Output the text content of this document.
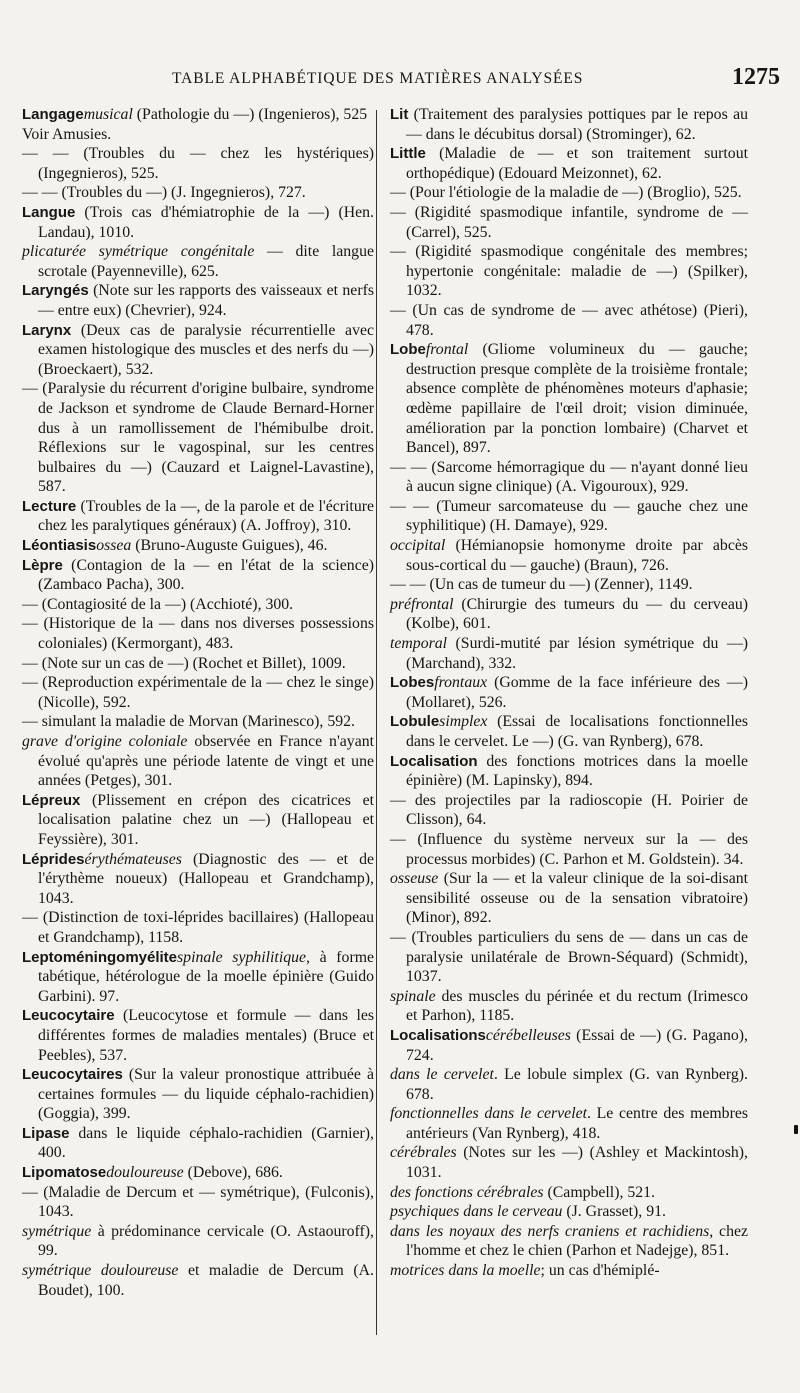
TABLE ALPHABÉTIQUE DES MATIÈRES ANALYSÉES	1275

Langagemusical (Pathologie du —) (Ingenieros), 525

Voir Amusies.

— — (Troubles du — chez les hystériques) (Ingegnieros), 525.

— — (Troubles du —) (J. Ingegnieros), 727.

Langue (Trois cas d'hémiatrophie de la —) (Hen. Landau), 1010.

plicaturée symétrique congénitale — dite langue scrotale (Payenneville), 625.

Laryngés (Note sur les rapports des vaisseaux et nerfs — entre eux) (Chevrier), 924.

Larynx (Deux cas de paralysie récurrentielle avec examen histologique des muscles et des nerfs du —) (Broeckaert), 532.

— (Paralysie du récurrent d'origine bulbaire, syndrome de Jackson et syndrome de Claude Bernard-Horner dus à un ramollissement de l'hémibulbe droit. Réflexions sur le vagospinal, sur les centres bulbaires du —) (Cauzard et Laignel-Lavastine), 587.

Lecture (Troubles de la —, de la parole et de l'écriture chez les paralytiques généraux) (A. Joffroy), 310.

Léontiasisossea (Bruno-Auguste Guigues), 46.

Lèpre (Contagion de la — en l'état de la science) (Zambaco Pacha), 300.

— (Contagiosité de la —) (Acchioté), 300.

— (Historique de la — dans nos diverses possessions coloniales) (Kermorgant), 483.

— (Note sur un cas de —) (Rochet et Billet), 1009.

— (Reproduction expérimentale de la — chez le singe) (Nicolle), 592.

— simulant la maladie de Morvan (Marinesco), 592.

grave d'origine coloniale observée en France n'ayant évolué qu'après une période latente de vingt et une années (Petges), 301.

Lépreux (Plissement en crépon des cicatrices et localisation palatine chez un —) (Hallopeau et Feyssière), 301.

Lépridesérythémateuses (Diagnostic des — et de l'érythème noueux) (Hallopeau et Grandchamp), 1043.

— (Distinction de toxi-léprides bacillaires) (Hallopeau et Grandchamp), 1158.

Leptoméningomyélitespinale syphilitique, à forme tabétique, hétérologue de la moelle épinière (Guido Garbini). 97.

Leucocytaire (Leucocytose et formule — dans les différentes formes de maladies mentales) (Bruce et Peebles), 537.

Leucocytaires (Sur la valeur pronostique attribuée à certaines formules — du liquide céphalo-rachidien) (Goggia), 399.

Lipase dans le liquide céphalo-rachidien (Garnier), 400.

Lipomatosedouloureuse (Debove), 686.

— (Maladie de Dercum et — symétrique), (Fulconis), 1043.

symétrique à prédominance cervicale (O. Astaouroff), 99.

symétrique douloureuse et maladie de Dercum (A. Boudet), 100.

Lit (Traitement des paralysies pottiques par le repos au — dans le décubitus dorsal) (Strominger), 62.

Little (Maladie de — et son traitement surtout orthopédique) (Edouard Meizonnet), 62.

— (Pour l'étiologie de la maladie de —) (Broglio), 525.

— (Rigidité spasmodique infantile, syndrome de — (Carrel), 525.

— (Rigidité spasmodique congénitale des membres; hypertonie congénitale: maladie de —) (Spilker), 1032.

— (Un cas de syndrome de — avec athétose) (Pieri), 478.

Lobefrontal (Gliome volumineux du — gauche; destruction presque complète de la troisième frontale; absence complète de phénomènes moteurs d'aphasie; œdème papillaire de l'œil droit; vision diminuée, amélioration par la ponction lombaire) (Charvet et Bancel), 897.

— — (Sarcome hémorragique du — n'ayant donné lieu à aucun signe clinique) (A. Vigouroux), 929.

— — (Tumeur sarcomateuse du — gauche chez une syphilitique) (H. Damaye), 929.

occipital (Hémianopsie homonyme droite par abcès sous-cortical du — gauche) (Braun), 726.

— — (Un cas de tumeur du —) (Zenner), 1149.

préfrontal (Chirurgie des tumeurs du — du cerveau) (Kolbe), 601.

temporal (Surdi-mutité par lésion symétrique du —) (Marchand), 332.

Lobesfrontaux (Gomme de la face inférieure des —) (Mollaret), 526.

Lobulesimplex (Essai de localisations fonctionnelles dans le cervelet. Le —) (G. van Rynberg), 678.

Localisation des fonctions motrices dans la moelle épinière) (M. Lapinsky), 894.

— des projectiles par la radioscopie (H. Poirier de Clisson), 64.

— (Influence du système nerveux sur la — des processus morbides) (C. Parhon et M. Goldstein). 34.

osseuse (Sur la — et la valeur clinique de la soi-disant sensibilité osseuse ou de la sensation vibratoire) (Minor), 892.

— (Troubles particuliers du sens de — dans un cas de paralysie unilatérale de Brown-Séquard) (Schmidt), 1037.

spinale des muscles du périnée et du rectum (Irimesco et Parhon), 1185.

Localisationscérébelleuses (Essai de —) (G. Pagano), 724.

dans le cervelet. Le lobule simplex (G. van Rynberg). 678.

fonctionnelles dans le cervelet. Le centre des membres antérieurs (Van Rynberg), 418.

cérébrales (Notes sur les —) (Ashley et Mackintosh), 1031.

des fonctions cérébrales (Campbell), 521.

psychiques dans le cerveau (J. Grasset), 91.

dans les noyaux des nerfs craniens et rachidiens, chez l'homme et chez le chien (Parhon et Nadejge), 851.

motrices dans la moelle; un cas d'hémiplé-
